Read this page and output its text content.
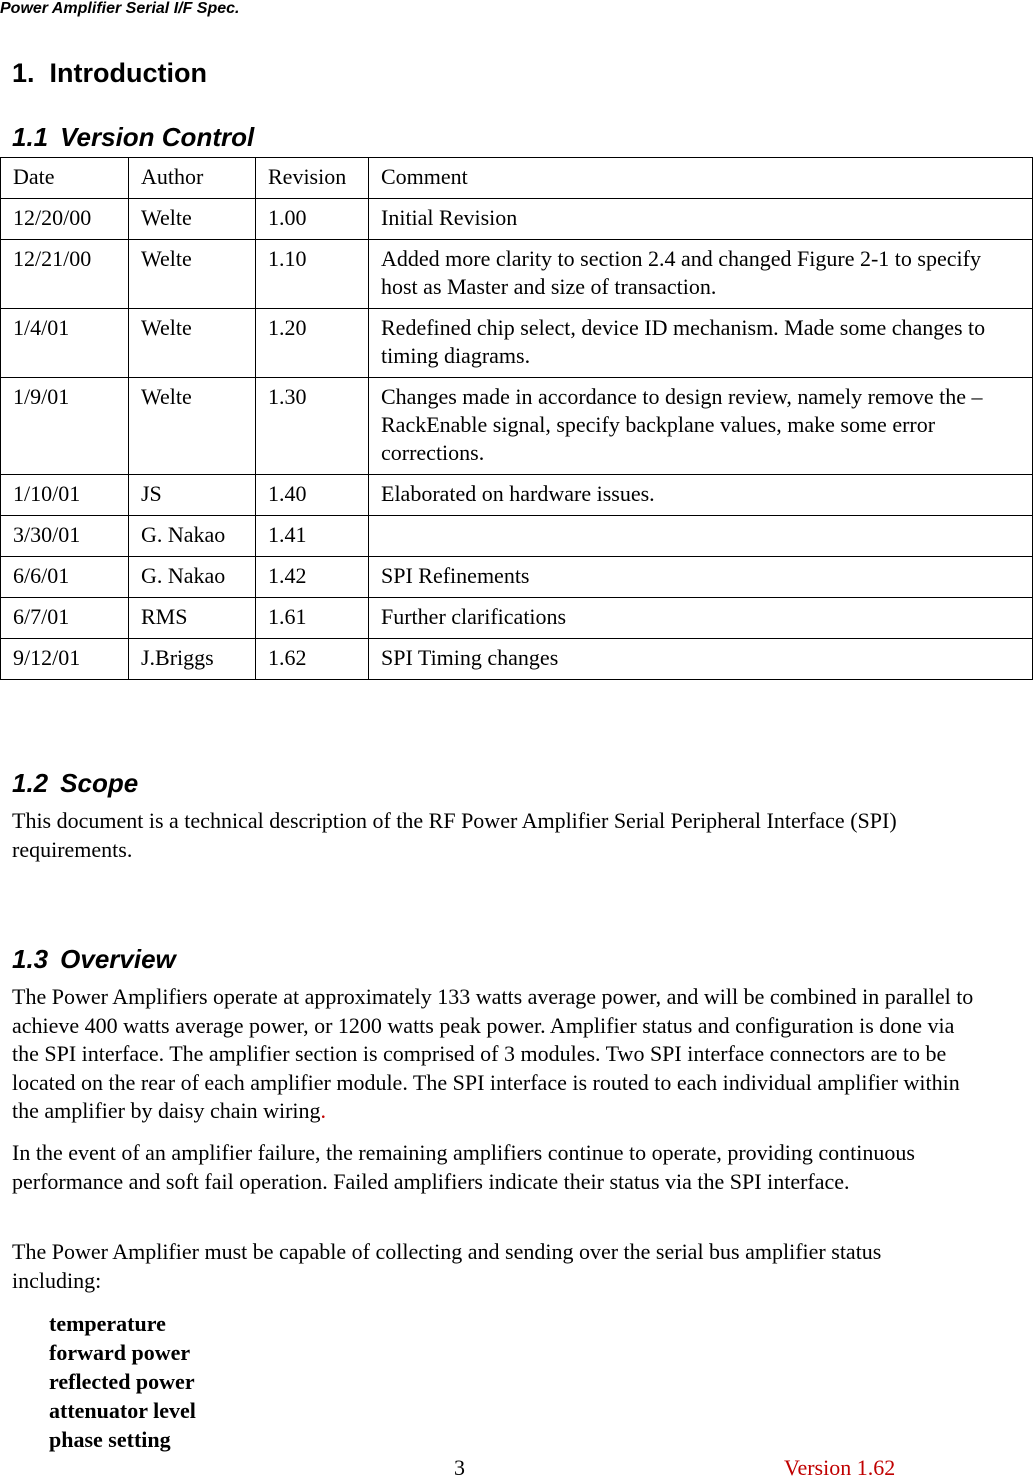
Power Amplifier Serial I/F Spec.
1. Introduction
1.1 Version Control
Date	Author	Revision	Comment
12/20/00	Welte	1.00	Initial Revision
12/21/00	Welte	1.10	Added more clarity to section 2.4 and changed Figure 2-1 to specify host as Master and size of transaction.
1/4/01	Welte	1.20	Redefined chip select, device ID mechanism. Made some changes to timing diagrams.
1/9/01	Welte	1.30	Changes made in accordance to design review, namely remove the –RackEnable signal, specify backplane values, make some error corrections.
1/10/01	JS	1.40	Elaborated on hardware issues.
3/30/01	G. Nakao	1.41	
6/6/01	G. Nakao	1.42	SPI Refinements
6/7/01	RMS	1.61	Further clarifications
9/12/01	J.Briggs	1.62	SPI Timing changes
1.2 Scope

This document is a technical description of the RF Power Amplifier Serial Peripheral Interface (SPI) requirements.

1.3 Overview

The Power Amplifiers operate at approximately 133 watts average power, and will be combined in parallel to achieve 400 watts average power, or 1200 watts peak power. Amplifier status and configuration is done via the SPI interface. The amplifier section is comprised of 3 modules. Two SPI interface connectors are to be located on the rear of each amplifier module. The SPI interface is routed to each individual amplifier within the amplifier by daisy chain wiring.

In the event of an amplifier failure, the remaining amplifiers continue to operate, providing continuous performance and soft fail operation. Failed amplifiers indicate their status via the SPI interface.

The Power Amplifier must be capable of collecting and sending over the serial bus amplifier status including:

temperature
forward power
reflected power
attenuator level
phase setting
3	Version 1.62
